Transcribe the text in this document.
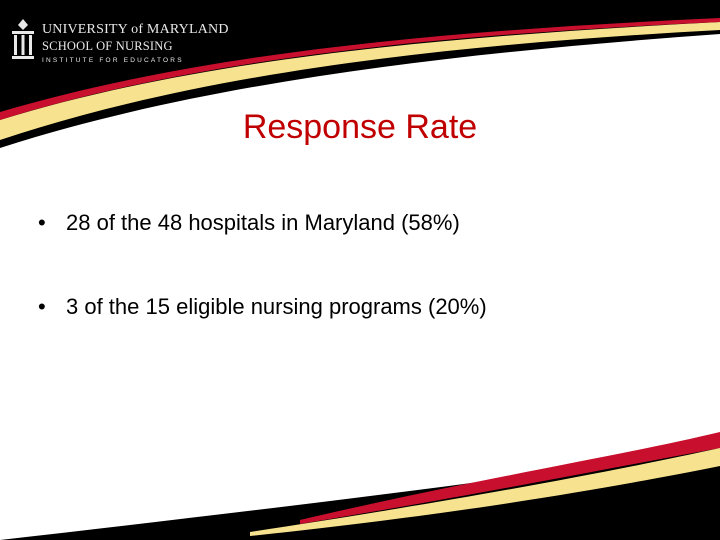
UNIVERSITY of MARYLAND
SCHOOL OF NURSING
INSTITUTE FOR EDUCATORS
Response Rate
• 28 of the 48 hospitals in Maryland (58%)
• 3 of the 15 eligible nursing programs (20%)
